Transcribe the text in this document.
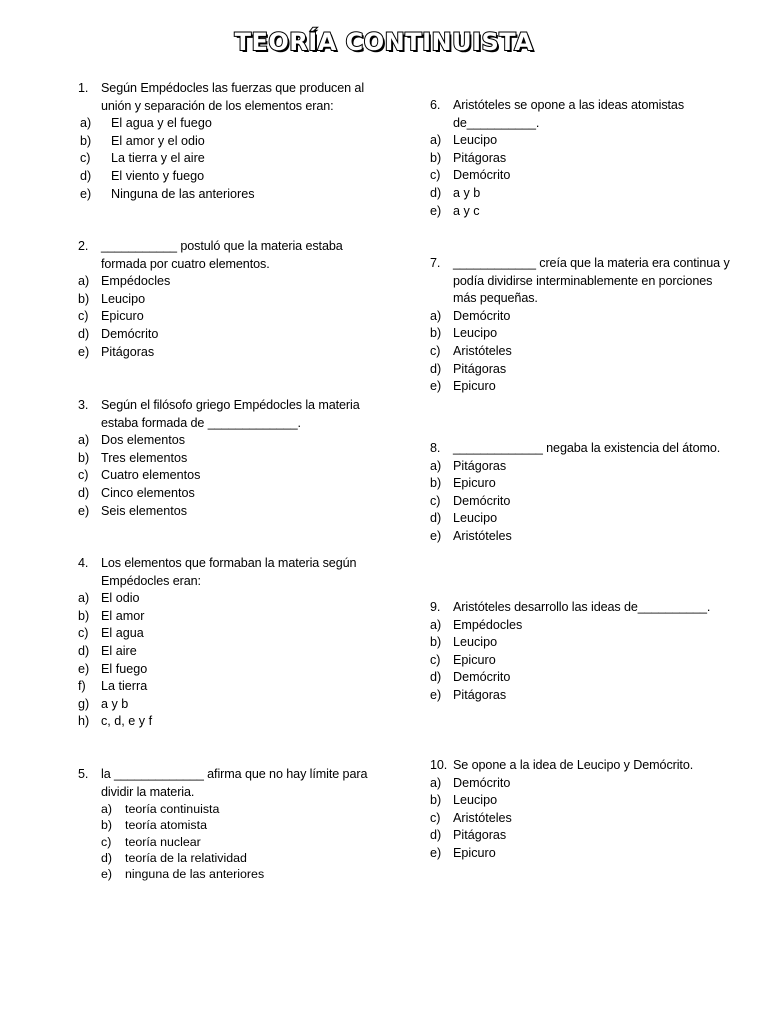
TEORÍA CONTINUISTA

1. Según Empédocles las fuerzas que producen al unión y separación de los elementos eran:

a)	El agua y el fuego
b)	El amor y el odio
c)	La tierra y el aire
d)	El viento y fuego
e)	Ninguna de las anteriores

2. ___________ postuló que la materia estaba formada por cuatro elementos.

a) Empédocles
b) Leucipo
c) Epicuro
d) Demócrito
e) Pitágoras

3. Según el filósofo griego Empédocles la materia estaba formada de _____________.

a) Dos elementos
b) Tres elementos
c) Cuatro elementos
d) Cinco elementos
e) Seis elementos

4. Los elementos que formaban la materia según Empédocles eran:

a) El odio
b) El amor
c) El agua
d) El aire
e) El fuego
f)	La tierra
g) a y b
h) c, d, e y f

5. la _____________ afirma que no hay límite para dividir la materia.

a)	teoría continuista
b)	teoría atomista
c)	teoría nuclear
d)	teoría de la relatividad
e)	ninguna de las anteriores

6. Aristóteles se opone a las ideas atomistas de__________.

a) Leucipo
b) Pitágoras
c) Demócrito
d) a y b
e) a y c

7. ____________ creía que la materia era continua y podía dividirse interminablemente en porciones más pequeñas.

a) Demócrito
b) Leucipo
c) Aristóteles
d) Pitágoras
e) Epicuro

8. _____________ negaba la existencia del átomo.

a) Pitágoras
b) Epicuro
c) Demócrito
d) Leucipo
e) Aristóteles

9. Aristóteles desarrollo las ideas de__________.

a) Empédocles
b) Leucipo
c) Epicuro
d) Demócrito
e) Pitágoras

10. Se opone a la idea de Leucipo y Demócrito.

a) Demócrito
b) Leucipo
c) Aristóteles
d) Pitágoras
e) Epicuro
